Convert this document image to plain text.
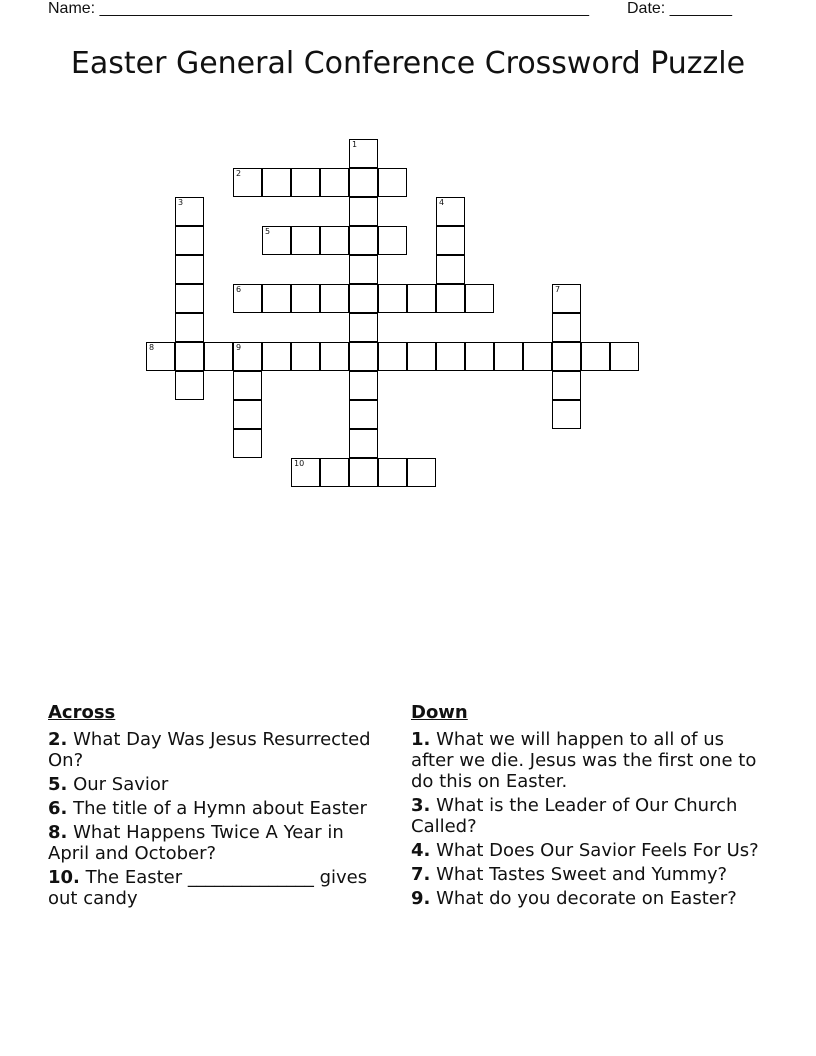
Name: _______________________________________________________ Date: _______
Easter General Conference Crossword Puzzle
1
2
3	4
5
6	7
8	9
10
Across
2. What Day Was Jesus Resurrected On?
5. Our Savior
6. The title of a Hymn about Easter
8. What Happens Twice A Year in April and October?
10. The Easter ______________ gives out candy
Down
1. What we will happen to all of us after we die. Jesus was the first one to do this on Easter.
3. What is the Leader of Our Church Called?
4. What Does Our Savior Feels For Us?
7. What Tastes Sweet and Yummy?
9. What do you decorate on Easter?
